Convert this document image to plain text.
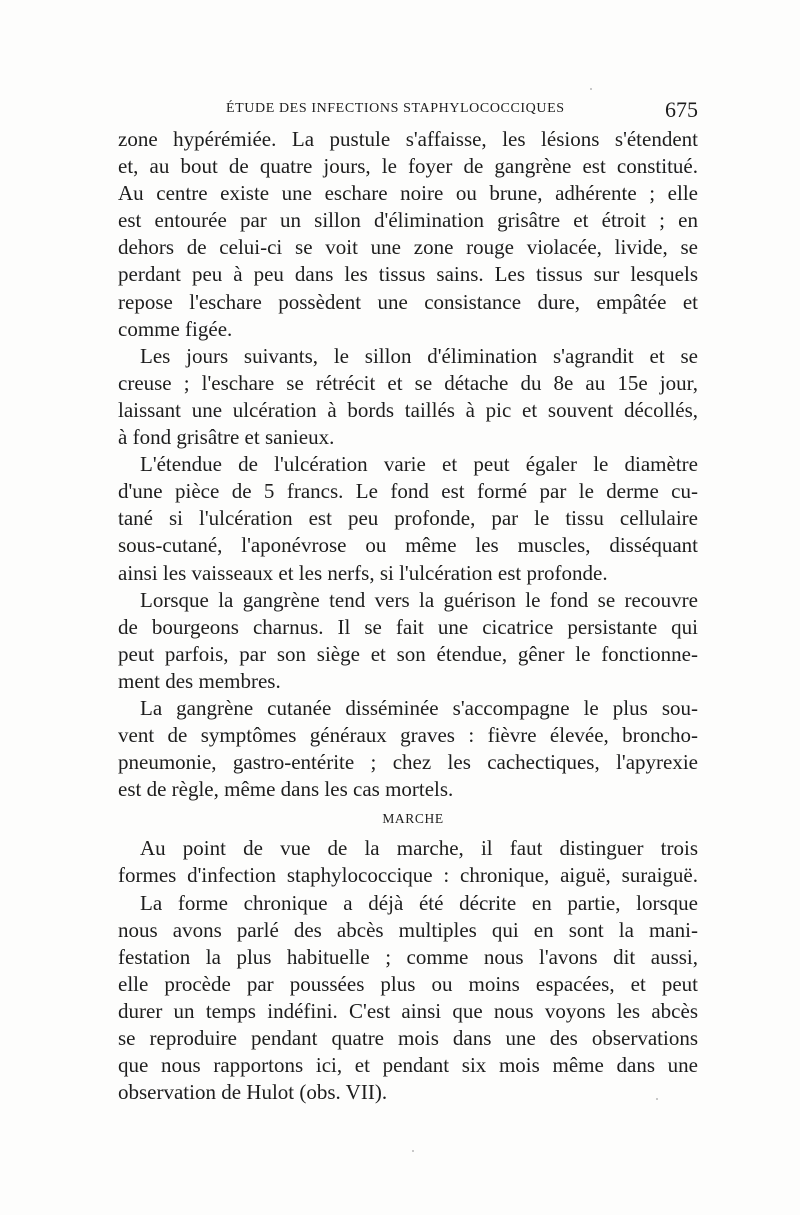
ÉTUDE DES INFECTIONS STAPHYLOCOCCIQUES	675
zone hypérémiée. La pustule s'affaisse, les lésions s'étendent
et, au bout de quatre jours, le foyer de gangrène est constitué.
Au centre existe une eschare noire ou brune, adhérente ; elle
est entourée par un sillon d'élimination grisâtre et étroit ; en
dehors de celui-ci se voit une zone rouge violacée, livide, se
perdant peu à peu dans les tissus sains. Les tissus sur lesquels
repose l'eschare possèdent une consistance dure, empâtée et
comme figée.
Les jours suivants, le sillon d'élimination s'agrandit et se
creuse ; l'eschare se rétrécit et se détache du 8e au 15e jour,
laissant une ulcération à bords taillés à pic et souvent décollés,
à fond grisâtre et sanieux.
L'étendue de l'ulcération varie et peut égaler le diamètre
d'une pièce de 5 francs. Le fond est formé par le derme cu-
tané si l'ulcération est peu profonde, par le tissu cellulaire
sous-cutané, l'aponévrose ou même les muscles, disséquant
ainsi les vaisseaux et les nerfs, si l'ulcération est profonde.
Lorsque la gangrène tend vers la guérison le fond se recouvre
de bourgeons charnus. Il se fait une cicatrice persistante qui
peut parfois, par son siège et son étendue, gêner le fonctionne-
ment des membres.
La gangrène cutanée disséminée s'accompagne le plus sou-
vent de symptômes généraux graves : fièvre élevée, broncho-
pneumonie, gastro-entérite ; chez les cachectiques, l'apyrexie
est de règle, même dans les cas mortels.
MARCHE
Au point de vue de la marche, il faut distinguer trois
formes d'infection staphylococcique : chronique, aiguë, suraiguë.
La forme chronique a déjà été décrite en partie, lorsque
nous avons parlé des abcès multiples qui en sont la mani-
festation la plus habituelle ; comme nous l'avons dit aussi,
elle procède par poussées plus ou moins espacées, et peut
durer un temps indéfini. C'est ainsi que nous voyons les abcès
se reproduire pendant quatre mois dans une des observations
que nous rapportons ici, et pendant six mois même dans une
observation de Hulot (obs. VII).
